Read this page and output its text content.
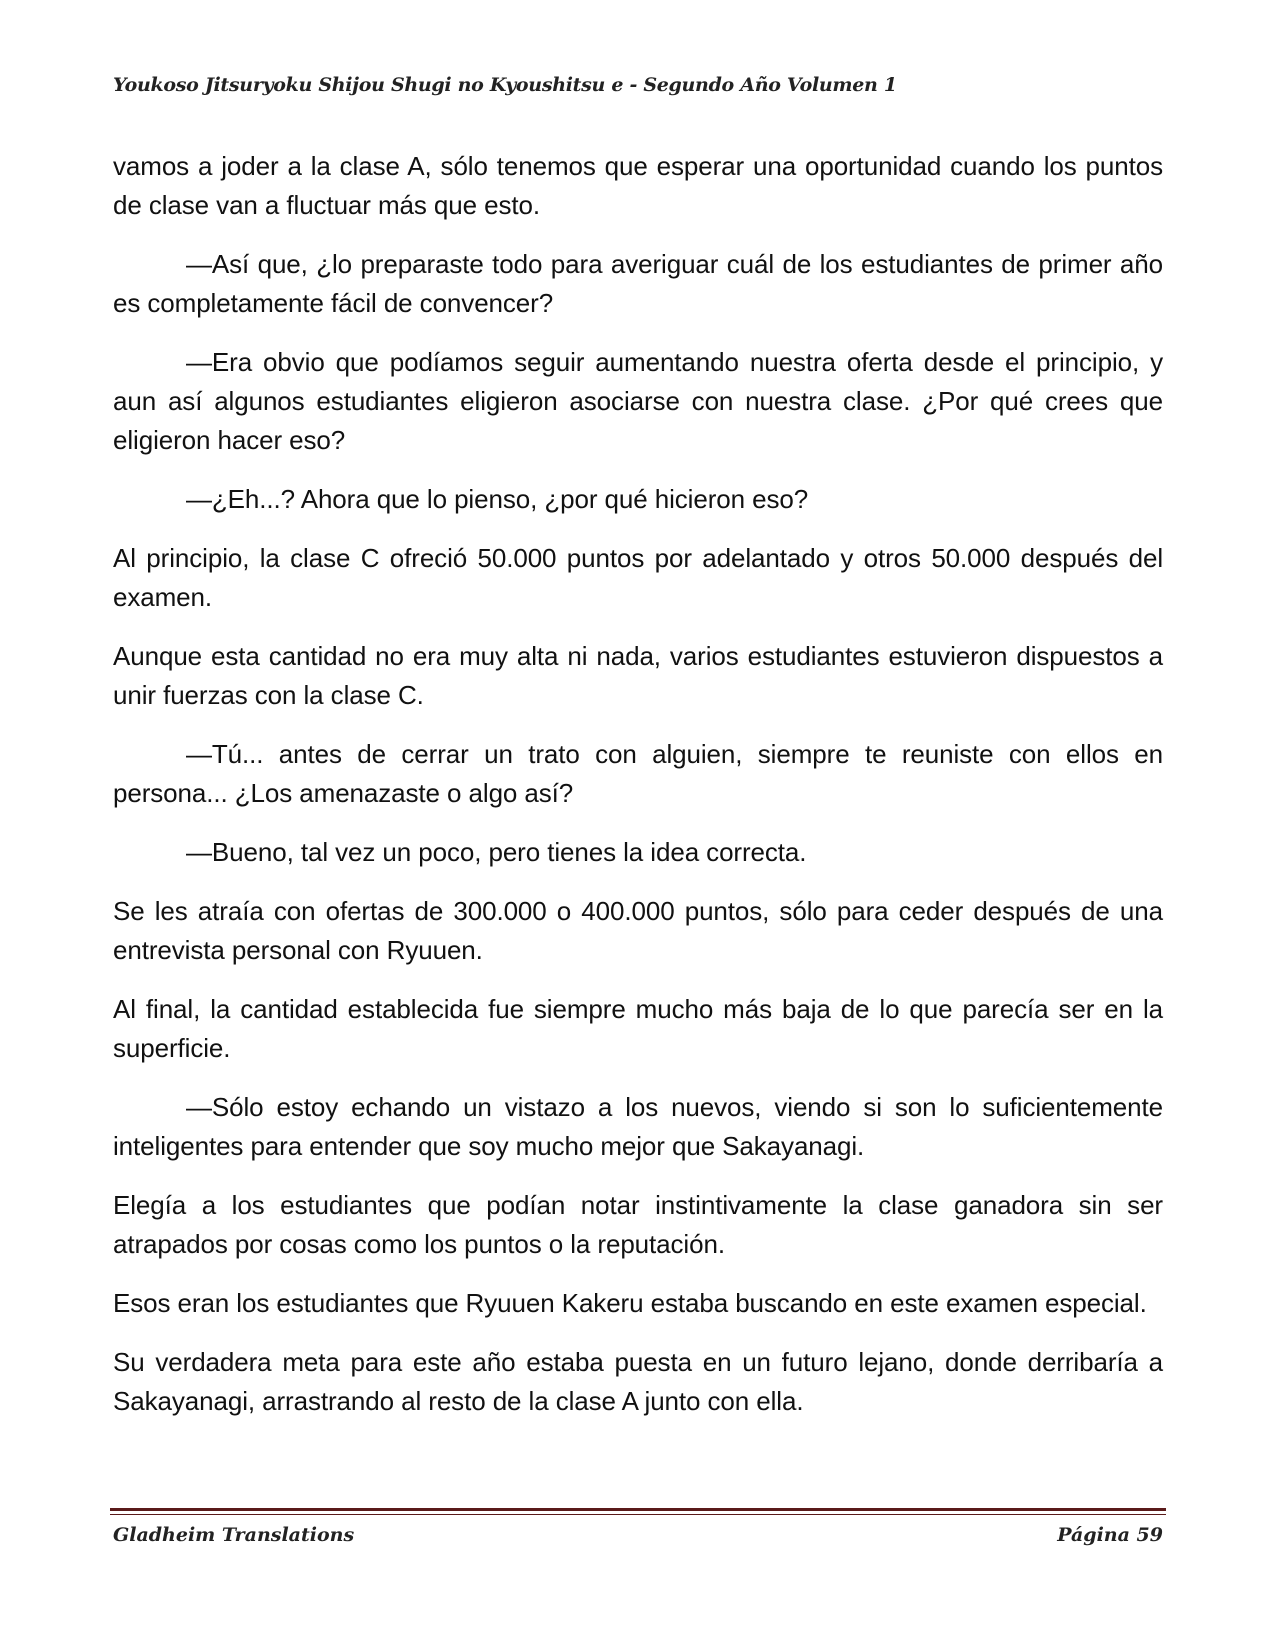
Youkoso Jitsuryoku Shijou Shugi no Kyoushitsu e - Segundo Año Volumen 1

vamos a joder a la clase A, sólo tenemos que esperar una oportunidad cuando los puntos de clase van a fluctuar más que esto.

—Así que, ¿lo preparaste todo para averiguar cuál de los estudiantes de primer año es completamente fácil de convencer?

—Era obvio que podíamos seguir aumentando nuestra oferta desde el principio, y aun así algunos estudiantes eligieron asociarse con nuestra clase. ¿Por qué crees que eligieron hacer eso?

—¿Eh...? Ahora que lo pienso, ¿por qué hicieron eso?

Al principio, la clase C ofreció 50.000 puntos por adelantado y otros 50.000 después del examen.

Aunque esta cantidad no era muy alta ni nada, varios estudiantes estuvieron dispuestos a unir fuerzas con la clase C.

—Tú... antes de cerrar un trato con alguien, siempre te reuniste con ellos en persona... ¿Los amenazaste o algo así?

—Bueno, tal vez un poco, pero tienes la idea correcta.

Se les atraía con ofertas de 300.000 o 400.000 puntos, sólo para ceder después de una entrevista personal con Ryuuen.

Al final, la cantidad establecida fue siempre mucho más baja de lo que parecía ser en la superficie.

—Sólo estoy echando un vistazo a los nuevos, viendo si son lo suficientemente inteligentes para entender que soy mucho mejor que Sakayanagi.

Elegía a los estudiantes que podían notar instintivamente la clase ganadora sin ser atrapados por cosas como los puntos o la reputación.

Esos eran los estudiantes que Ryuuen Kakeru estaba buscando en este examen especial.

Su verdadera meta para este año estaba puesta en un futuro lejano, donde derribaría a Sakayanagi, arrastrando al resto de la clase A junto con ella.

Gladheim Translations	Página 59
